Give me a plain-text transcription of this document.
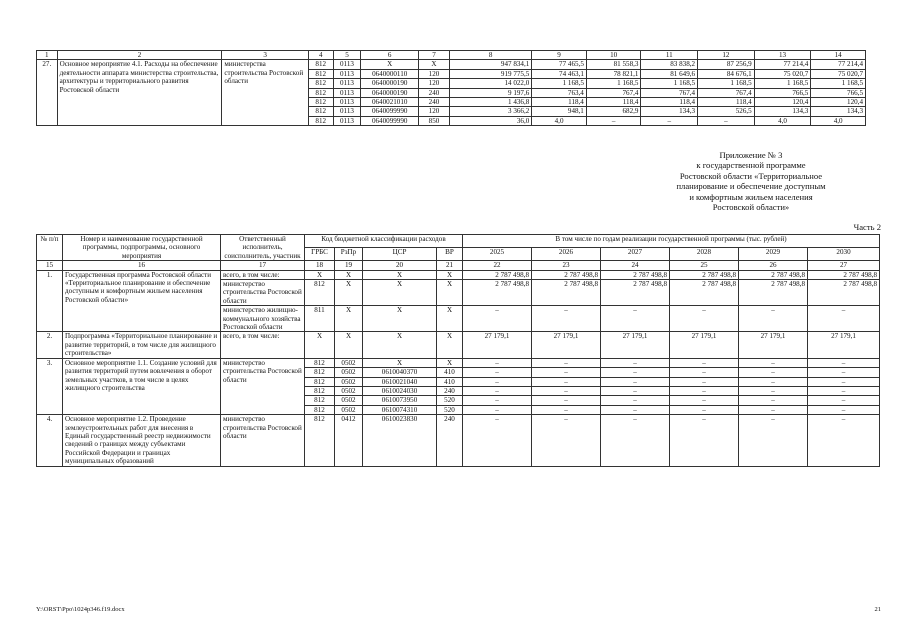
1	2	3	4	5	6	7	8	9	10	11	12	13	14
27.	Основное мероприятие 4.1. Расходы на обеспечение деятельности аппарата министерства строительства, архитектуры и территориального развития Ростовской области	министерства строительства Ростовской области	812	0113	X	X	947 834,1	77 465,5	81 558,3	83 838,2	87 256,9	77 214,4	77 214,4
			812	0113	0640000110	120	919 775,5	74 463,1	78 821,1	81 649,6	84 676,1	75 020,7	75 020,7
			812	0113	0640000190	120	14 022,0	1 168,5	1 168,5	1 168,5	1 168,5	1 168,5	1 168,5
			812	0113	0640000190	240	9 197,6	763,4	767,4	767,4	767,4	766,5	766,5
			812	0113	0640021010	240	1 436,8	118,4	118,4	118,4	118,4	120,4	120,4
			812	0113	0640099990	120	3 366,2	948,1	682,9	134,3	526,5	134,3	134,3
			812	0113	0640099990	850	36,0	4,0	–	–	–	4,0	4,0
Приложение № 3
к государственной программе
Ростовской области «Территориальное
планирование и обеспечение доступным
и комфортным жильем населения
Ростовской области»
Часть 2
№ п/п	Номер и наименование государственной программы, подпрограммы, основного мероприятия	Ответственный исполнитель, соисполнитель, участник	Код бюджетной классификации расходов				В том числе по годам реализации государственной программы (тыс. рублей)					
			ГРБС	РзПр	ЦСР	ВР	2025	2026	2027	2028	2029	2030
15	16	17	18	19	20	21	22	23	24	25	26	27
1.	Государственная программа Ростовской области «Территориальное планирование и обеспечение доступным и комфортным жильем населения Ростовской области»	всего, в том числе:	X	X	X	X	2 787 498,8	2 787 498,8	2 787 498,8	2 787 498,8	2 787 498,8	2 787 498,8
		министерство строительства Ростовской области	812	X	X	X	2 787 498,8	2 787 498,8	2 787 498,8	2 787 498,8	2 787 498,8	2 787 498,8
		министерство жилищно-коммунального хозяйства Ростовской области	811	X	X	X	–	–	–	–	–	–
2.	Подпрограмма «Территориальное планирование и развитие территорий, в том числе для жилищного строительства»	всего, в том числе:	X	X	X	X	27 179,1	27 179,1	27 179,1	27 179,1	27 179,1	27 179,1
3.	Основное мероприятие 1.1. Создание условий для развития территорий путем вовлечения в оборот земельных участков, в том числе в целях жилищного строительства	министерство строительства Ростовской области	812	0502	X	X	–	–	–	–	–	–
			812	0502	0610040370	410	–	–	–	–	–	–
			812	0502	0610021040	410	–	–	–	–	–	–
			812	0502	0610024030	240	–	–	–	–	–	–
			812	0502	0610073950	520	–	–	–	–	–	–
			812	0502	0610074310	520	–	–	–	–	–	–
4.	Основное мероприятие 1.2. Проведение землеустроительных работ для внесения в Единый государственный реестр недвижимости сведений о границах между субъектами Российской Федерации и границах муниципальных образований	министерство строительства Ростовской области	812	0412	0610023830	240	–	–	–	–	–	–
Y:\ORST\Ppo\1024p346.f19.docx	21
